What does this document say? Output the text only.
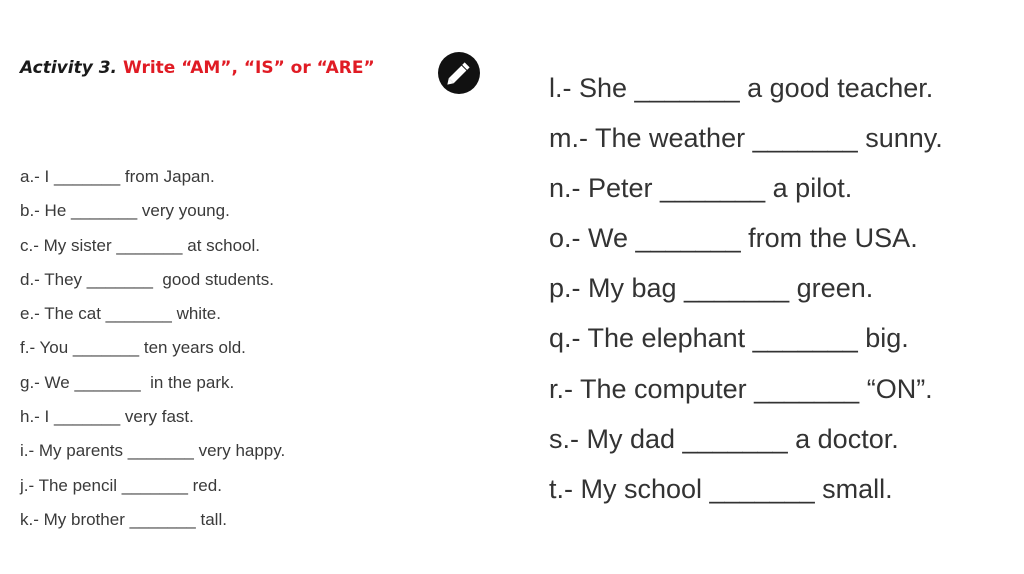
Activity 3. Write “AM”, “IS” or “ARE”
a.- I _______ from Japan.
b.- He _______ very young.
c.- My sister _______ at school.
d.- They _______  good students.
e.- The cat _______ white.
f.- You _______ ten years old.
g.- We _______  in the park.
h.- I _______ very fast.
i.- My parents _______ very happy.
j.- The pencil _______ red.
k.- My brother _______ tall.
l.- She _______ a good teacher.
m.- The weather _______ sunny.
n.- Peter _______ a pilot.
o.- We _______ from the USA.
p.- My bag _______ green.
q.- The elephant _______ big.
r.- The computer _______ “ON”.
s.- My dad _______ a doctor.
t.- My school _______ small.
